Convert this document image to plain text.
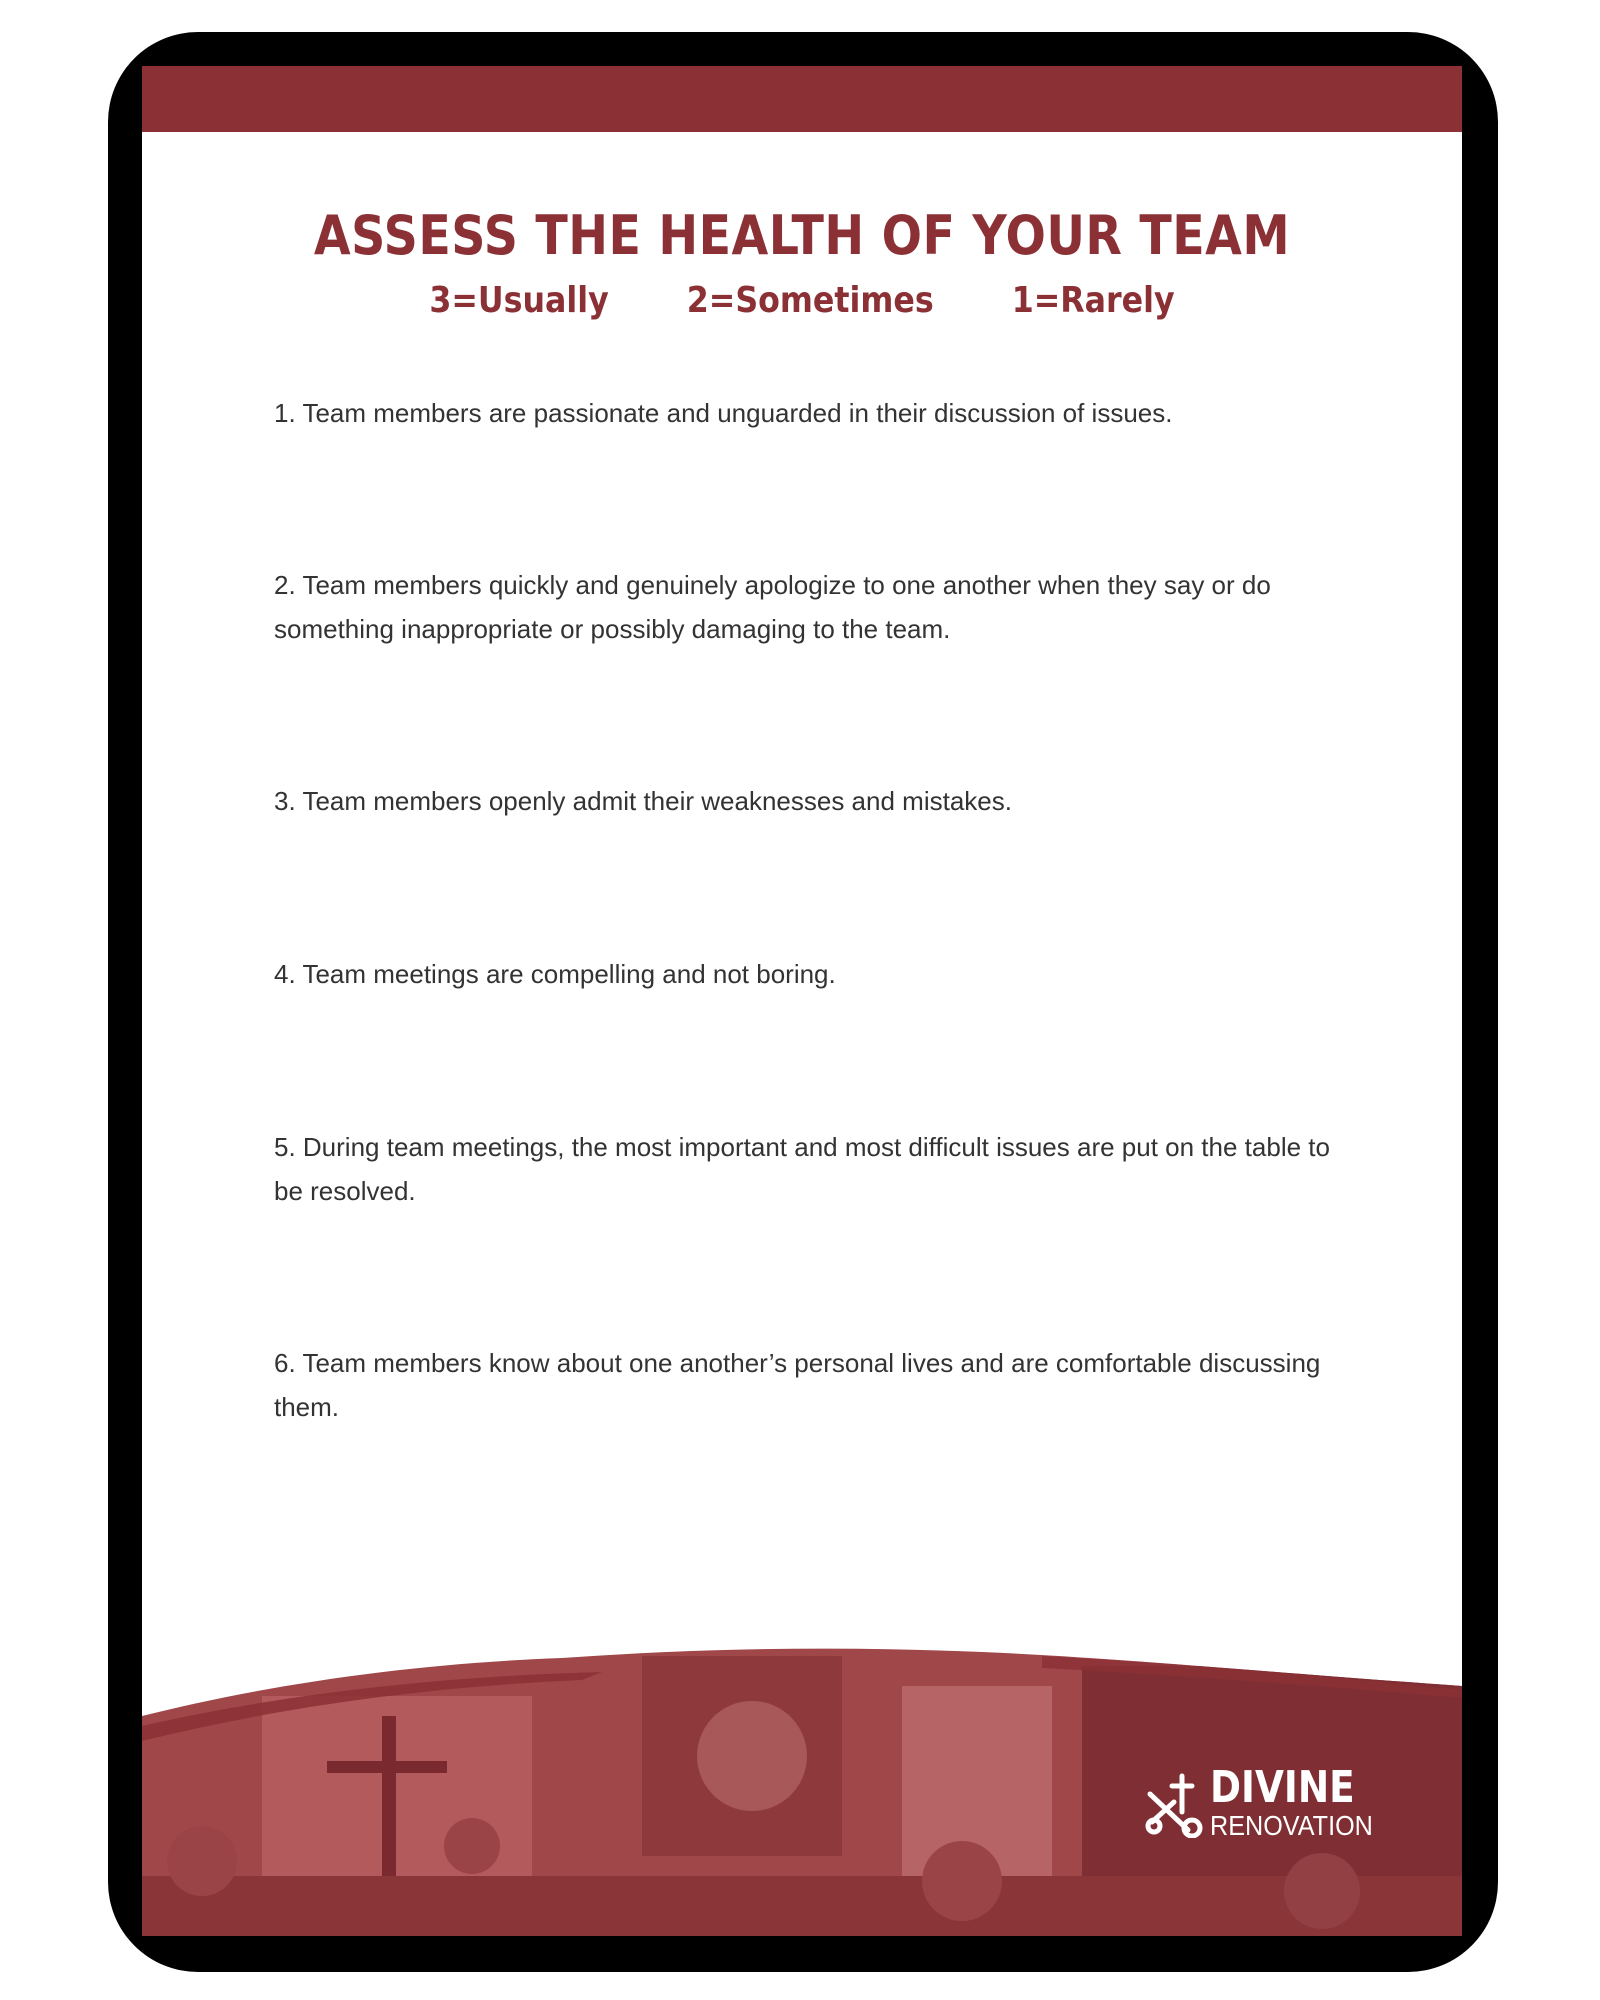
ASSESS THE HEALTH OF YOUR TEAM
3=Usually 2=Sometimes 1=Rarely
1. Team members are passionate and unguarded in their discussion of issues.
2. Team members quickly and genuinely apologize to one another when they say or do something inappropriate or possibly damaging to the team.
3. Team members openly admit their weaknesses and mistakes.
4. Team meetings are compelling and not boring.
5. During team meetings, the most important and most difficult issues are put on the table to be resolved.
6. Team members know about one another’s personal lives and are comfortable discussing them.
DIVINE
RENOVATION
